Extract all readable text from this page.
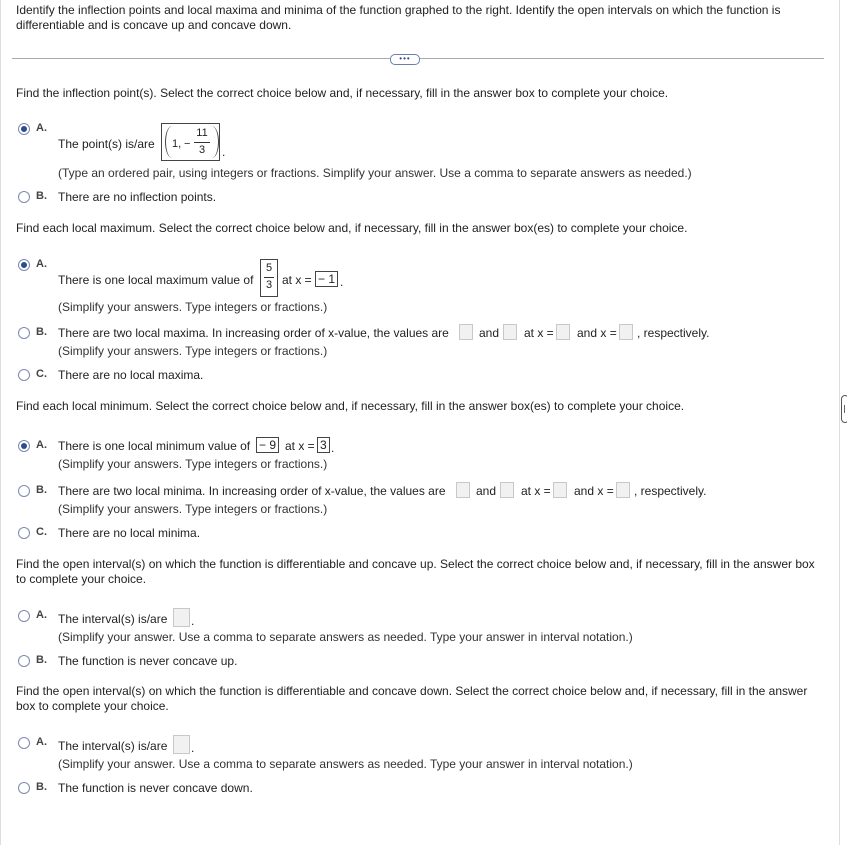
Identify the inflection points and local maxima and minima of the function graphed to the right. Identify the open intervals on which the function is differentiable and is concave up and concave down.
•••
Find the inflection point(s). Select the correct choice below and, if necessary, fill in the answer box to complete your choice.
A.
The point(s) is/are 1, −
11
3	.
(Type an ordered pair, using integers or fractions. Simplify your answer. Use a comma to separate answers as needed.)
B. There are no inflection points.
Find each local maximum. Select the correct choice below and, if necessary, fill in the answer box(es) to complete your choice.
A.
There is one local maximum value of
5
3 at x = − 1 .
(Simplify your answers. Type integers or fractions.)
B. There are two local maxima. In increasing order of x-value, the values are	and at x = and x = , respectively.
(Simplify your answers. Type integers or fractions.)
C. There are no local maxima.
Find each local minimum. Select the correct choice below and, if necessary, fill in the answer box(es) to complete your choice.
A. There is one local minimum value of − 9 at x = 3 .
(Simplify your answers. Type integers or fractions.)
B. There are two local minima. In increasing order of x-value, the values are	and at x = and x = , respectively.
(Simplify your answers. Type integers or fractions.)
C. There are no local minima.
Find the open interval(s) on which the function is differentiable and concave up. Select the correct choice below and, if necessary, fill in the answer box to complete your choice.
A. The interval(s) is/are .
(Simplify your answer. Use a comma to separate answers as needed. Type your answer in interval notation.)
B. The function is never concave up.
Find the open interval(s) on which the function is differentiable and concave down. Select the correct choice below and, if necessary, fill in the answer box to complete your choice.
A. The interval(s) is/are .
(Simplify your answer. Use a comma to separate answers as needed. Type your answer in interval notation.)
B. The function is never concave down.
